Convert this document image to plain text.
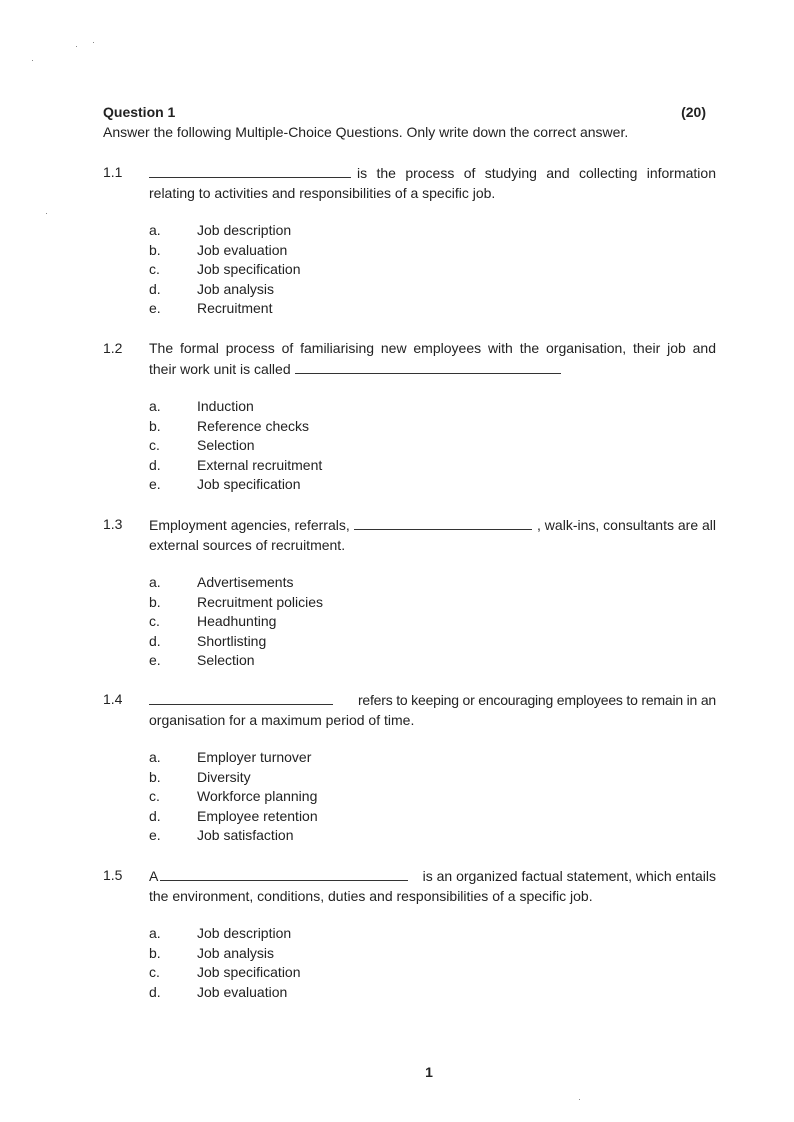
Question 1	(20)
Answer the following Multiple-Choice Questions. Only write down the correct answer.
1.1	is the process of studying and collecting information
relating to activities and responsibilities of a specific job.
a.	Job description
b.	Job evaluation
c.	Job specification
d.	Job analysis
e.	Recruitment
1.2 The formal process of familiarising new employees with the organisation, their job and
their work unit is called
a.	Induction
b.	Reference checks
c.	Selection
d.	External recruitment
e.	Job specification
1.3 Employment agencies, referrals,	, walk-ins, consultants are all
external sources of recruitment.
a.	Advertisements
b.	Recruitment policies
c.	Headhunting
d.	Shortlisting
e.	Selection
1.4	refers to keeping or encouraging employees to remain in an
organisation for a maximum period of time.
a.	Employer turnover
b.	Diversity
c.	Workforce planning
d.	Employee retention
e.	Job satisfaction
1.5 A	is an organized factual statement, which entails
the environment, conditions, duties and responsibilities of a specific job.
a.	Job description
b.	Job analysis
c.	Job specification
d.	Job evaluation
1
